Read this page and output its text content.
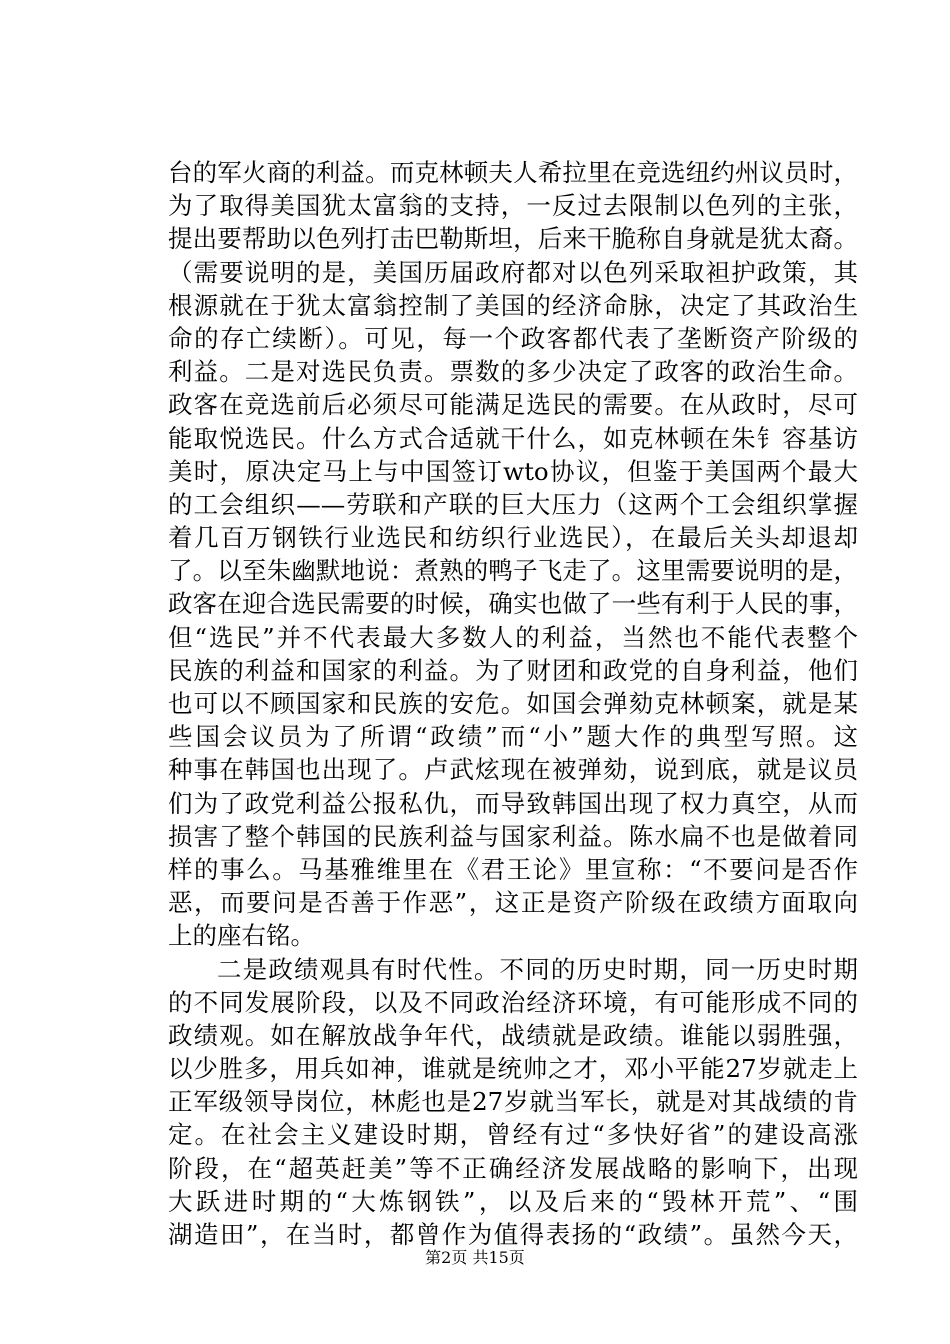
台的军火商的利益。而克林顿夫人希拉里在竞选纽约州议员时，
为了取得美国犹太富翁的支持，一反过去限制以色列的主张，
提出要帮助以色列打击巴勒斯坦，后来干脆称自身就是犹太裔。
（需要说明的是，美国历届政府都对以色列采取袒护政策，其
根源就在于犹太富翁控制了美国的经济命脉，决定了其政治生
命的存亡续断）。可见，每一个政客都代表了垄断资产阶级的
利益。二是对选民负责。票数的多少决定了政客的政治生命。
政客在竞选前后必须尽可能满足选民的需要。在从政时，尽可
能取悦选民。什么方式合适就干什么，如克林顿在朱钅容基访
美时，原决定马上与中国签订wto协议，但鉴于美国两个最大
的工会组织——劳联和产联的巨大压力（这两个工会组织掌握
着几百万钢铁行业选民和纺织行业选民），在最后关头却退却
了。以至朱幽默地说：煮熟的鸭子飞走了。这里需要说明的是，
政客在迎合选民需要的时候，确实也做了一些有利于人民的事，
但“选民”并不代表最大多数人的利益，当然也不能代表整个
民族的利益和国家的利益。为了财团和政党的自身利益，他们
也可以不顾国家和民族的安危。如国会弹劾克林顿案，就是某
些国会议员为了所谓“政绩”而“小”题大作的典型写照。这
种事在韩国也出现了。卢武炫现在被弹劾，说到底，就是议员
们为了政党利益公报私仇，而导致韩国出现了权力真空，从而
损害了整个韩国的民族利益与国家利益。陈水扁不也是做着同
样的事么。马基雅维里在《君王论》里宣称：“不要问是否作
恶，而要问是否善于作恶”，这正是资产阶级在政绩方面取向
上的座右铭。
二是政绩观具有时代性。不同的历史时期，同一历史时期
的不同发展阶段，以及不同政治经济环境，有可能形成不同的
政绩观。如在解放战争年代，战绩就是政绩。谁能以弱胜强，
以少胜多，用兵如神，谁就是统帅之才，邓小平能27岁就走上
正军级领导岗位，林彪也是27岁就当军长，就是对其战绩的肯
定。在社会主义建设时期，曾经有过“多快好省”的建设高涨
阶段，在“超英赶美”等不正确经济发展战略的影响下，出现
大跃进时期的“大炼钢铁”，以及后来的“毁林开荒”、“围
湖造田”，在当时，都曾作为值得表扬的“政绩”。虽然今天，
第2页 共15页
